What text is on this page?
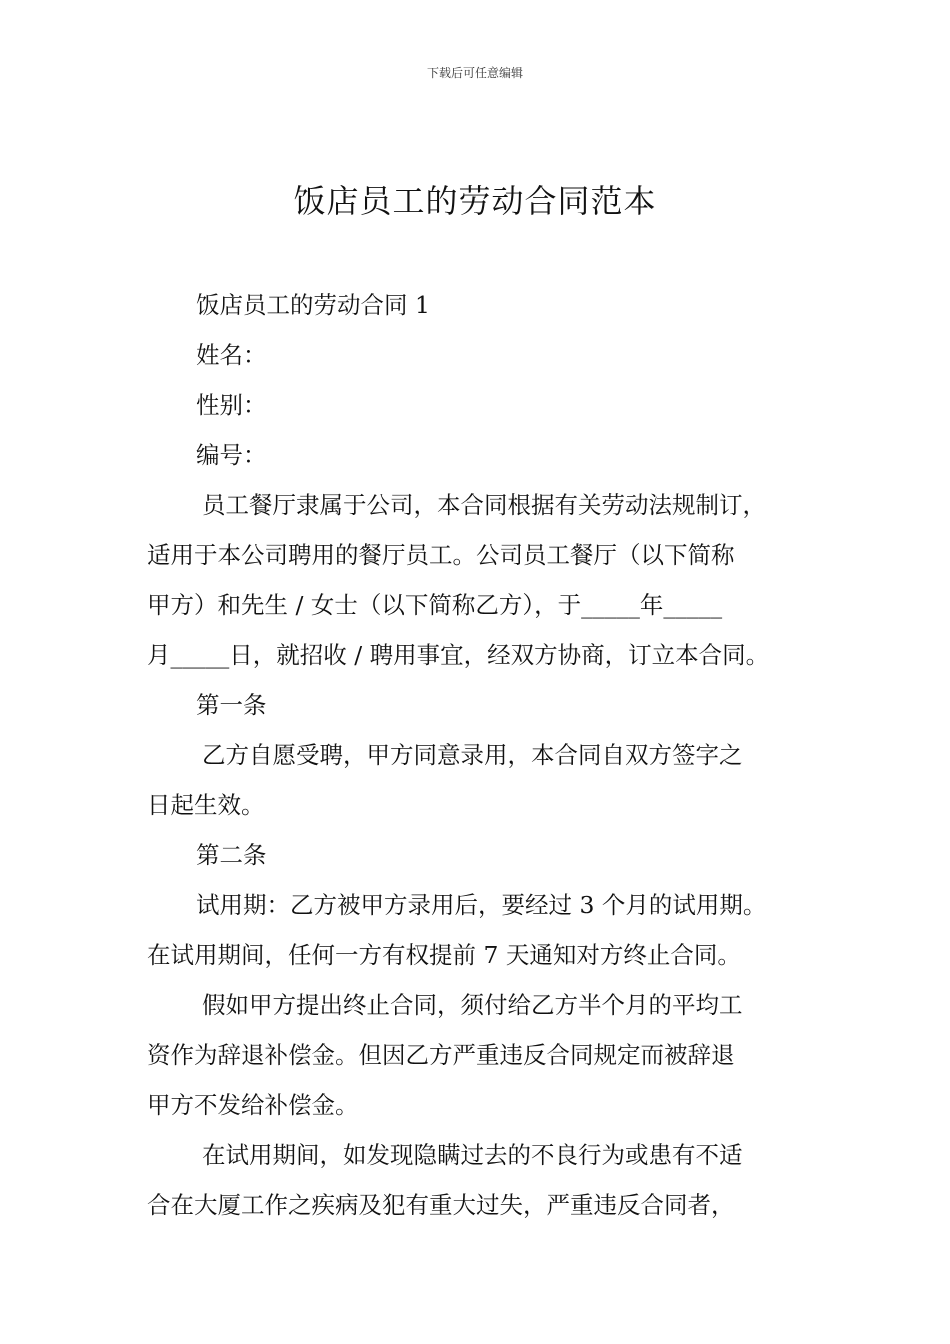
下载后可任意编辑
饭店员工的劳动合同范本
饭店员工的劳动合同 1
姓名：
性别：
编号：
员工餐厅隶属于公司，本合同根据有关劳动法规制订，
适用于本公司聘用的餐厅员工。公司员工餐厅（以下简称
甲方）和先生 / 女士（以下简称乙方），于_____年_____
月_____日，就招收 / 聘用事宜，经双方协商，订立本合同。
第一条
乙方自愿受聘，甲方同意录用，本合同自双方签字之
日起生效。
第二条
试用期：乙方被甲方录用后，要经过 3 个月的试用期。
在试用期间，任何一方有权提前 7 天通知对方终止合同。
假如甲方提出终止合同，须付给乙方半个月的平均工
资作为辞退补偿金。但因乙方严重违反合同规定而被辞退
甲方不发给补偿金。
在试用期间，如发现隐瞒过去的不良行为或患有不适
合在大厦工作之疾病及犯有重大过失，严重违反合同者，
